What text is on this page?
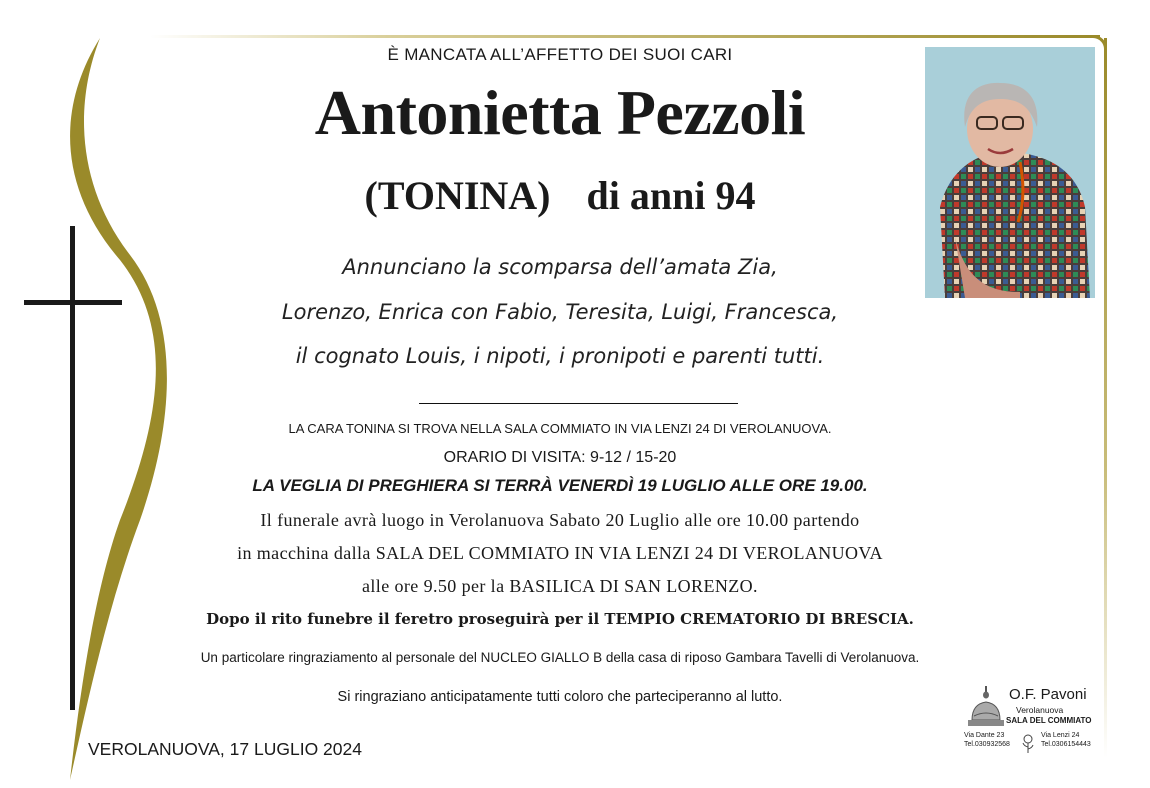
È MANCATA ALL’AFFETTO DEI SUOI CARI
Antonietta Pezzoli
(TONINA) di anni 94
Annunciano la scomparsa dell’amata Zia,
Lorenzo, Enrica con Fabio, Teresita, Luigi, Francesca,
il cognato Louis, i nipoti, i pronipoti e parenti tutti.
LA CARA TONINA SI TROVA NELLA SALA COMMIATO IN VIA LENZI 24 DI VEROLANUOVA.
ORARIO DI VISITA: 9-12 / 15-20
LA VEGLIA DI PREGHIERA SI TERRÀ VENERDÌ 19 LUGLIO ALLE ORE 19.00.
Il funerale avrà luogo in Verolanuova Sabato 20 Luglio alle ore 10.00 partendo
in macchina dalla SALA DEL COMMIATO IN VIA LENZI 24 DI VEROLANUOVA
alle ore 9.50 per la BASILICA DI SAN LORENZO.
Dopo il rito funebre il feretro proseguirà per il TEMPIO CREMATORIO DI BRESCIA.
Un particolare ringraziamento al personale del NUCLEO GIALLO B della casa di riposo Gambara Tavelli di Verolanuova.
Si ringraziano anticipatamente tutti coloro che parteciperanno al lutto.
VEROLANUOVA, 17 LUGLIO 2024
O.F. Pavoni
Verolanuova
SALA DEL COMMIATO
Via Dante 23
Tel.030932568
Via Lenzi 24
Tel.0306154443
